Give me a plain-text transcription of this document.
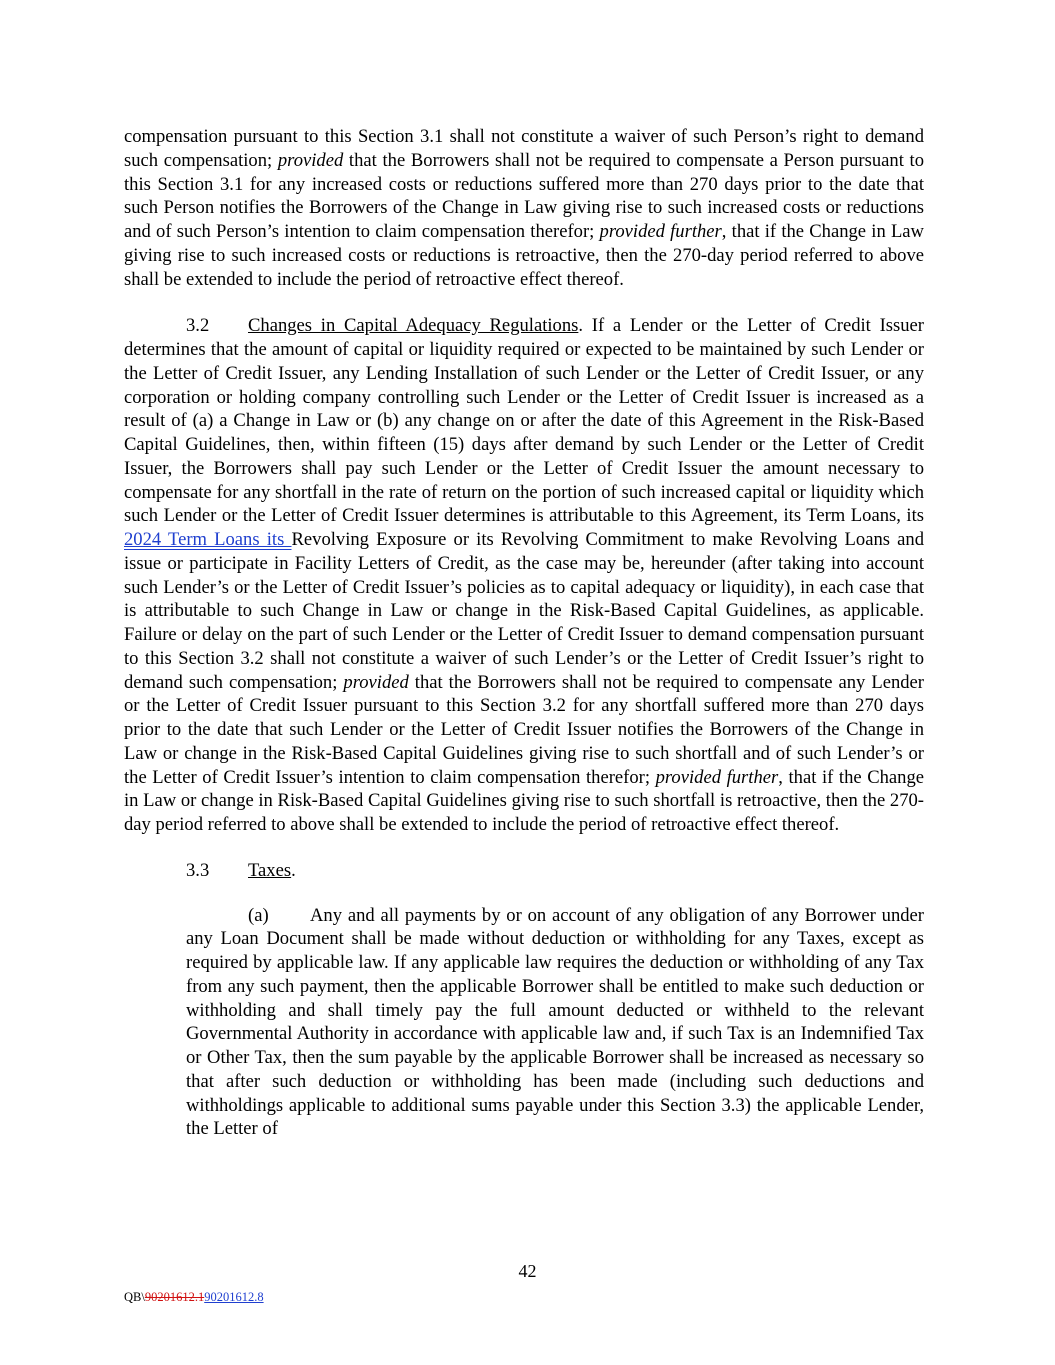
compensation pursuant to this Section 3.1 shall not constitute a waiver of such Person’s right to demand such compensation; provided that the Borrowers shall not be required to compensate a Person pursuant to this Section 3.1 for any increased costs or reductions suffered more than 270 days prior to the date that such Person notifies the Borrowers of the Change in Law giving rise to such increased costs or reductions and of such Person’s intention to claim compensation therefor; provided further, that if the Change in Law giving rise to such increased costs or reductions is retroactive, then the 270-day period referred to above shall be extended to include the period of retroactive effect thereof.

3.2 Changes in Capital Adequacy Regulations. If a Lender or the Letter of Credit Issuer determines that the amount of capital or liquidity required or expected to be maintained by such Lender or the Letter of Credit Issuer, any Lending Installation of such Lender or the Letter of Credit Issuer, or any corporation or holding company controlling such Lender or the Letter of Credit Issuer is increased as a result of (a) a Change in Law or (b) any change on or after the date of this Agreement in the Risk-Based Capital Guidelines, then, within fifteen (15) days after demand by such Lender or the Letter of Credit Issuer, the Borrowers shall pay such Lender or the Letter of Credit Issuer the amount necessary to compensate for any shortfall in the rate of return on the portion of such increased capital or liquidity which such Lender or the Letter of Credit Issuer determines is attributable to this Agreement, its Term Loans, its 2024 Term Loans its Revolving Exposure or its Revolving Commitment to make Revolving Loans and issue or participate in Facility Letters of Credit, as the case may be, hereunder (after taking into account such Lender’s or the Letter of Credit Issuer’s policies as to capital adequacy or liquidity), in each case that is attributable to such Change in Law or change in the Risk-Based Capital Guidelines, as applicable. Failure or delay on the part of such Lender or the Letter of Credit Issuer to demand compensation pursuant to this Section 3.2 shall not constitute a waiver of such Lender’s or the Letter of Credit Issuer’s right to demand such compensation; provided that the Borrowers shall not be required to compensate any Lender or the Letter of Credit Issuer pursuant to this Section 3.2 for any shortfall suffered more than 270 days prior to the date that such Lender or the Letter of Credit Issuer notifies the Borrowers of the Change in Law or change in the Risk-Based Capital Guidelines giving rise to such shortfall and of such Lender’s or the Letter of Credit Issuer’s intention to claim compensation therefor; provided further, that if the Change in Law or change in Risk-Based Capital Guidelines giving rise to such shortfall is retroactive, then the 270-day period referred to above shall be extended to include the period of retroactive effect thereof.

3.3 Taxes.

(a) Any and all payments by or on account of any obligation of any Borrower under any Loan Document shall be made without deduction or withholding for any Taxes, except as required by applicable law. If any applicable law requires the deduction or withholding of any Tax from any such payment, then the applicable Borrower shall be entitled to make such deduction or withholding and shall timely pay the full amount deducted or withheld to the relevant Governmental Authority in accordance with applicable law and, if such Tax is an Indemnified Tax or Other Tax, then the sum payable by the applicable Borrower shall be increased as necessary so that after such deduction or withholding has been made (including such deductions and withholdings applicable to additional sums payable under this Section 3.3) the applicable Lender, the Letter of

42
QB\90201612.190201612.8
